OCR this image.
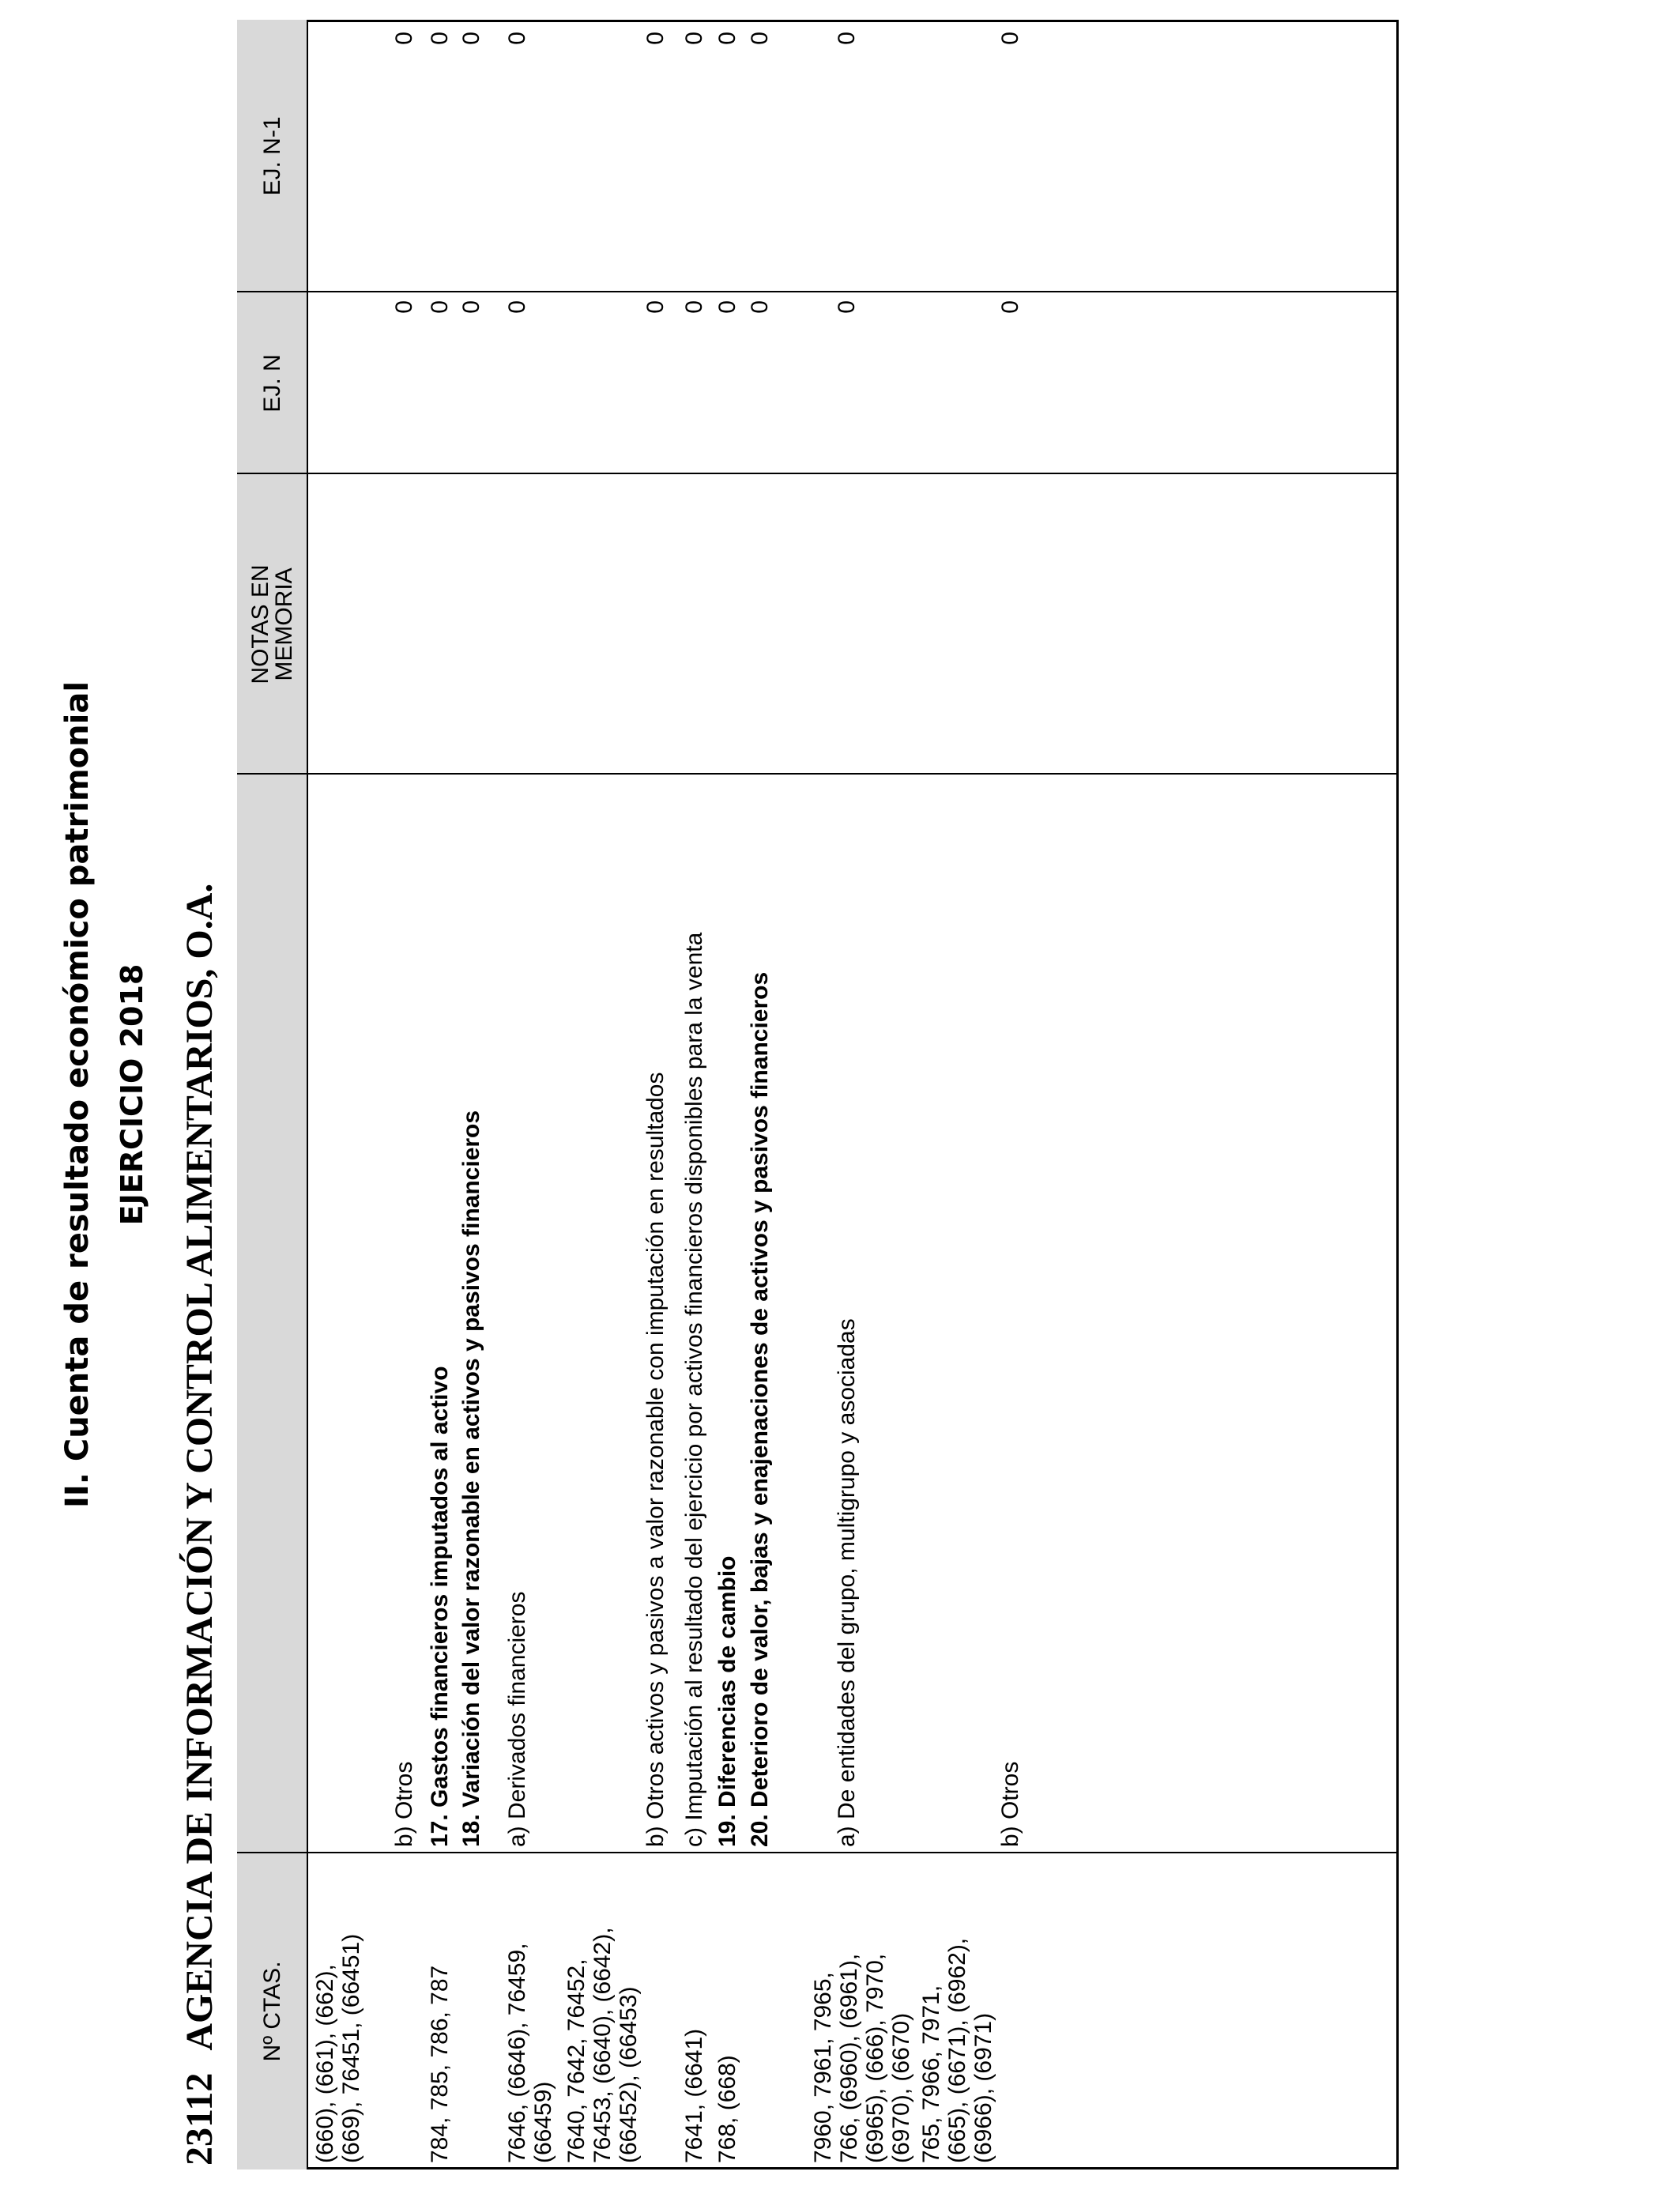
II. Cuenta de resultado económico patrimonial EJERCICIO 2018
23112AGENCIA DE INFORMACIÓN Y CONTROL ALIMENTARIOS, O.A.	Nº CTAS.
NOTAS EN MEMORIA
EJ. N
EJ. N-1
(660), (661), (662), (669), 76451, (66451)
b) Otros
0
0
784, 785, 786, 787
17. Gastos financieros imputados al activo
0
0
18. Variación del valor razonable en activos y pasivos financieros
0
0
7646, (6646), 76459, (66459)
a) Derivados financieros
0
0
7640, 7642, 76452, 76453, (6640), (6642), (66452), (66453)
b) Otros activos y pasivos a valor razonable con imputación en resultados
0
0
7641, (6641)
c) Imputación al resultado del ejercicio por activos financieros disponibles para la venta
0
0
768, (668)
19. Diferencias de cambio
0
0
20. Deterioro de valor, bajas y enajenaciones de activos y pasivos financieros
0
0
7960, 7961, 7965, 766, (6960), (6961), (6965), (666), 7970, (6970), (6670)
a) De entidades del grupo, multigrupo y asociadas
0
0
765, 7966, 7971, (665), (6671), (6962), (6966), (6971)
b) Otros
0
0
